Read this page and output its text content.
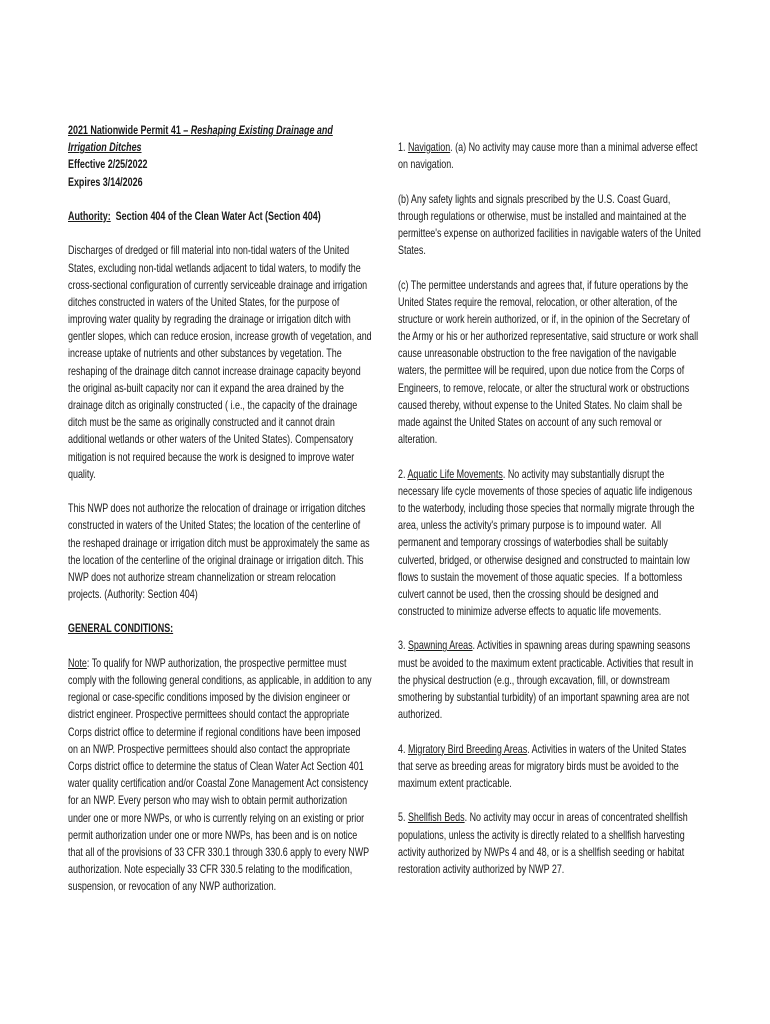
2021 Nationwide Permit 41 – Reshaping Existing Drainage and
Irrigation Ditches
Effective 2/25/2022
Expires 3/14/2026
Authority:  Section 404 of the Clean Water Act (Section 404)
Discharges of dredged or fill material into non-tidal waters of the United
States, excluding non-tidal wetlands adjacent to tidal waters, to modify the
cross-sectional configuration of currently serviceable drainage and irrigation
ditches constructed in waters of the United States, for the purpose of
improving water quality by regrading the drainage or irrigation ditch with
gentler slopes, which can reduce erosion, increase growth of vegetation, and
increase uptake of nutrients and other substances by vegetation. The
reshaping of the drainage ditch cannot increase drainage capacity beyond
the original as-built capacity nor can it expand the area drained by the
drainage ditch as originally constructed ( i.e., the capacity of the drainage
ditch must be the same as originally constructed and it cannot drain
additional wetlands or other waters of the United States). Compensatory
mitigation is not required because the work is designed to improve water
quality.
This NWP does not authorize the relocation of drainage or irrigation ditches
constructed in waters of the United States; the location of the centerline of
the reshaped drainage or irrigation ditch must be approximately the same as
the location of the centerline of the original drainage or irrigation ditch. This
NWP does not authorize stream channelization or stream relocation
projects. (Authority: Section 404)
GENERAL CONDITIONS:
Note: To qualify for NWP authorization, the prospective permittee must
comply with the following general conditions, as applicable, in addition to any
regional or case-specific conditions imposed by the division engineer or
district engineer. Prospective permittees should contact the appropriate
Corps district office to determine if regional conditions have been imposed
on an NWP. Prospective permittees should also contact the appropriate
Corps district office to determine the status of Clean Water Act Section 401
water quality certification and/or Coastal Zone Management Act consistency
for an NWP. Every person who may wish to obtain permit authorization
under one or more NWPs, or who is currently relying on an existing or prior
permit authorization under one or more NWPs, has been and is on notice
that all of the provisions of 33 CFR 330.1 through 330.6 apply to every NWP
authorization. Note especially 33 CFR 330.5 relating to the modification,
suspension, or revocation of any NWP authorization.
1. Navigation. (a) No activity may cause more than a minimal adverse effect
on navigation.
(b) Any safety lights and signals prescribed by the U.S. Coast Guard,
through regulations or otherwise, must be installed and maintained at the
permittee's expense on authorized facilities in navigable waters of the United
States.
(c) The permittee understands and agrees that, if future operations by the
United States require the removal, relocation, or other alteration, of the
structure or work herein authorized, or if, in the opinion of the Secretary of
the Army or his or her authorized representative, said structure or work shall
cause unreasonable obstruction to the free navigation of the navigable
waters, the permittee will be required, upon due notice from the Corps of
Engineers, to remove, relocate, or alter the structural work or obstructions
caused thereby, without expense to the United States. No claim shall be
made against the United States on account of any such removal or
alteration.
2. Aquatic Life Movements. No activity may substantially disrupt the
necessary life cycle movements of those species of aquatic life indigenous
to the waterbody, including those species that normally migrate through the
area, unless the activity's primary purpose is to impound water.  All
permanent and temporary crossings of waterbodies shall be suitably
culverted, bridged, or otherwise designed and constructed to maintain low
flows to sustain the movement of those aquatic species.  If a bottomless
culvert cannot be used, then the crossing should be designed and
constructed to minimize adverse effects to aquatic life movements.
3. Spawning Areas. Activities in spawning areas during spawning seasons
must be avoided to the maximum extent practicable. Activities that result in
the physical destruction (e.g., through excavation, fill, or downstream
smothering by substantial turbidity) of an important spawning area are not
authorized.
4. Migratory Bird Breeding Areas. Activities in waters of the United States
that serve as breeding areas for migratory birds must be avoided to the
maximum extent practicable.
5. Shellfish Beds. No activity may occur in areas of concentrated shellfish
populations, unless the activity is directly related to a shellfish harvesting
activity authorized by NWPs 4 and 48, or is a shellfish seeding or habitat
restoration activity authorized by NWP 27.
